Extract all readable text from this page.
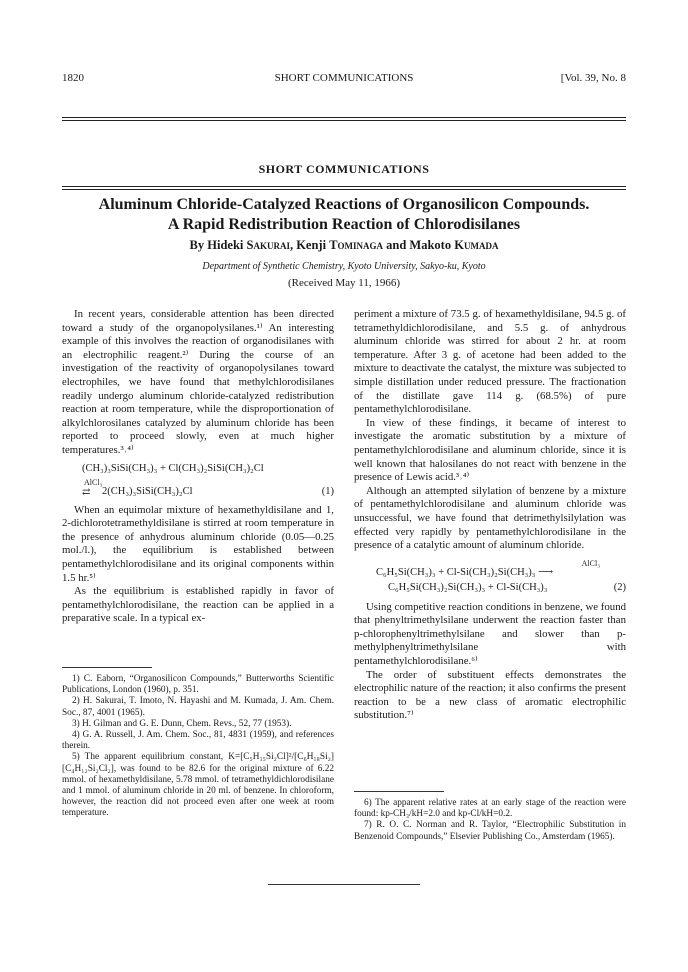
1820	SHORT COMMUNICATIONS	[Vol. 39, No. 8
SHORT COMMUNICATIONS
Aluminum Chloride-Catalyzed Reactions of Organosilicon Compounds.
A Rapid Redistribution Reaction of Chlorodisilanes
By Hideki Sakurai, Kenji Tominaga and Makoto Kumada
Department of Synthetic Chemistry, Kyoto University, Sakyo-ku, Kyoto
(Received May 11, 1966)

In recent years, considerable attention has been directed toward a study of the organopolysilanes.¹⁾ An interesting example of this involves the reaction of organodisilanes with an electrophilic reagent.²⁾ During the course of an investigation of the reactivity of organopolysilanes toward electrophiles, we have found that methylchlorodisilanes readily undergo aluminum chloride-catalyzed redistribution reaction at room temperature, while the disproportionation of alkylchlorosilanes catalyzed by aluminum chloride has been reported to proceed slowly, even at much higher temperatures.³˒⁴⁾

(CH₃)₃SiSi(CH₃)₃ + Cl(CH₃)₂SiSi(CH₃)₂Cl
AlCl₃
⇄ 2(CH₃)₃SiSi(CH₃)₂Cl	(1)

When an equimolar mixture of hexamethyldisilane and 1, 2-dichlorotetramethyldisilane is stirred at room temperature in the presence of anhydrous aluminum chloride (0.05—0.25 mol./l.), the equilibrium is established between pentamethylchlorodisilane and its original components within 1.5 hr.⁵⁾

As the equilibrium is established rapidly in favor of pentamethylchlorodisilane, the reaction can be applied in a preparative scale. In a typical ex-

1) C. Eaborn, “Organosilicon Compounds,” Butterworths Scientific Publications, London (1960), p. 351.

2) H. Sakurai, T. Imoto, N. Hayashi and M. Kumada, J. Am. Chem. Soc., 87, 4001 (1965).

3) H. Gilman and G. E. Dunn, Chem. Revs., 52, 77 (1953).

4) G. A. Russell, J. Am. Chem. Soc., 81, 4831 (1959), and references therein.

5) The apparent equilibrium constant, K=[C₅H₁₅Si₂Cl]²/[C₆H₁₈Si₂][C₄H₁₂Si₂Cl₂], was found to be 82.6 for the original mixture of 6.22 mmol. of hexamethyldisilane, 5.78 mmol. of tetramethyldichlorodisilane and 1 mmol. of aluminum chloride in 20 ml. of benzene. In chloroform, however, the reaction did not proceed even after one week at room temperature.

periment a mixture of 73.5 g. of hexamethyldisilane, 94.5 g. of tetramethyldichlorodisilane, and 5.5 g. of anhydrous aluminum chloride was stirred for about 2 hr. at room temperature. After 3 g. of acetone had been added to the mixture to deactivate the catalyst, the mixture was subjected to simple distillation under reduced pressure. The fractionation of the distillate gave 114 g. (68.5%) of pure pentamethylchlorodisilane.

In view of these findings, it became of interest to investigate the aromatic substitution by a mixture of pentamethylchlorodisilane and aluminum chloride, since it is well known that halosilanes do not react with benzene in the presence of Lewis acid.³˒⁴⁾

Although an attempted silylation of benzene by a mixture of pentamethylchlorodisilane and aluminum chloride was unsuccessful, we have found that detrimethylsilylation was effected very rapidly by pentamethylchlorodisilane in the presence of a catalytic amount of aluminum chloride.

AlCl₃
C₆H₅Si(CH₃)₃ + Cl-Si(CH₃)₂Si(CH₃)₃ ⟶
C₆H₅Si(CH₃)₂Si(CH₃)₃ + Cl-Si(CH₃)₃	(2)

Using competitive reaction conditions in benzene, we found that phenyltrimethylsilane underwent the reaction faster than p-chlorophenyltrimethylsilane and slower than p-methylphenyltrimethylsilane with pentamethylchlorodisilane.⁶⁾

The order of substituent effects demonstrates the electrophilic nature of the reaction; it also confirms the present reaction to be a new class of aromatic electrophilic substitution.⁷⁾

6) The apparent relative rates at an early stage of the reaction were found: kp-CH₃/kH=2.0 and kp-Cl/kH=0.2.

7) R. O. C. Norman and R. Taylor, “Electrophilic Substitution in Benzenoid Compounds,” Elsevier Publishing Co., Amsterdam (1965).
